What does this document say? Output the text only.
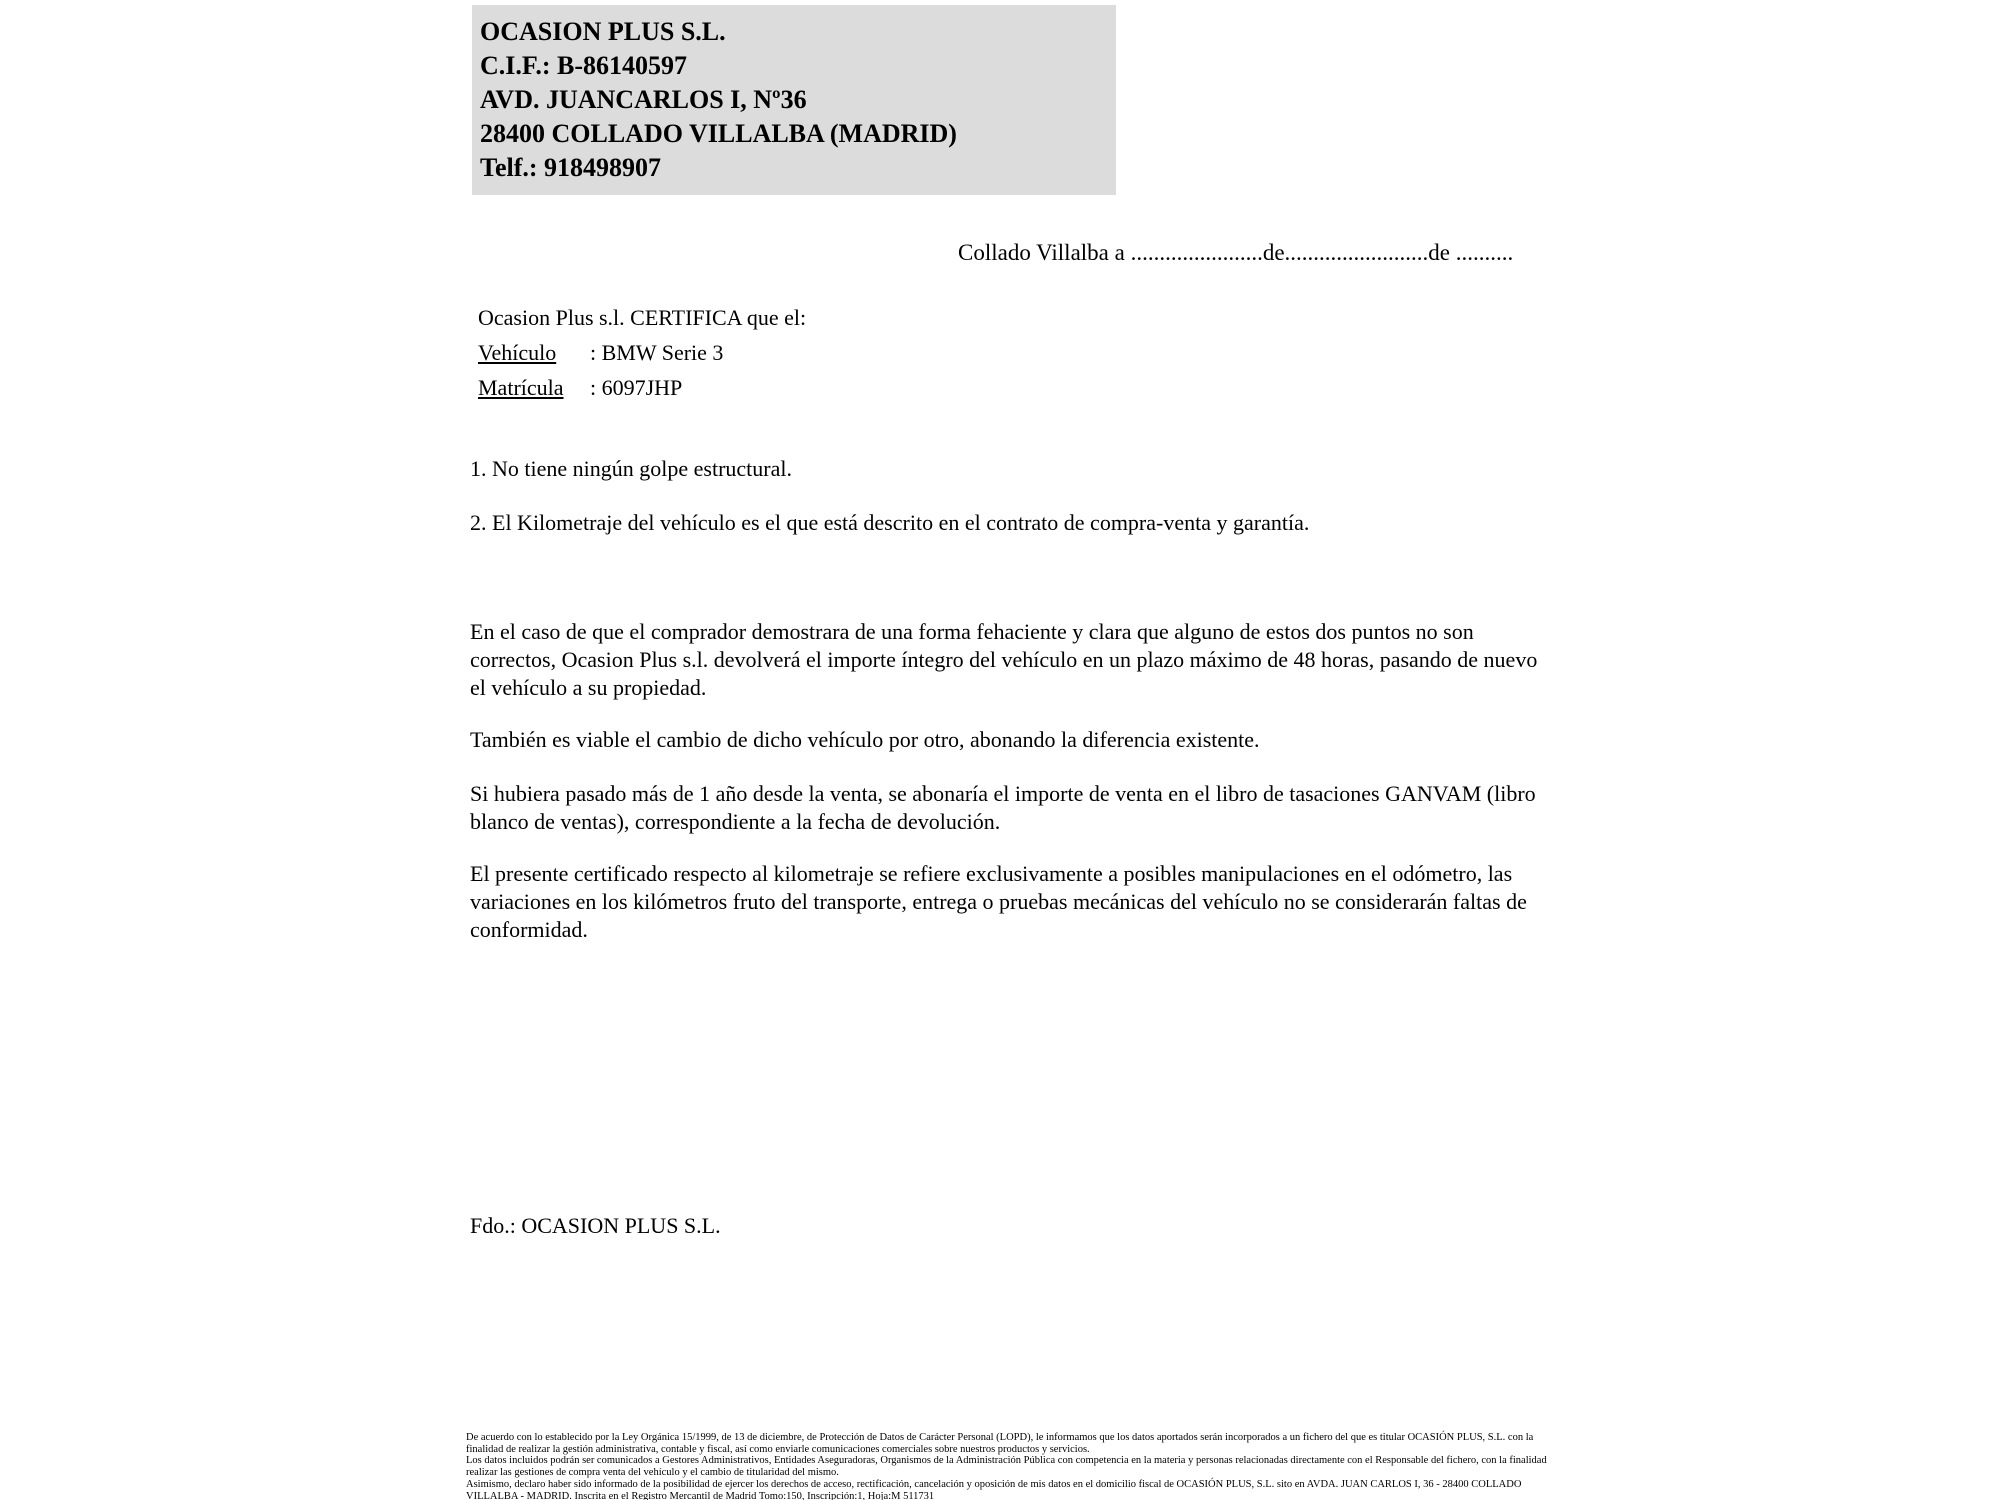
OCASION PLUS S.L.
C.I.F.: B-86140597
AVD. JUANCARLOS I, Nº36
28400 COLLADO VILLALBA (MADRID)
Telf.: 918498907
Collado Villalba a .......................de.........................de ..........
Ocasion Plus s.l. CERTIFICA que el:
Vehículo : BMW Serie 3
Matrícula : 6097JHP
1. No tiene ningún golpe estructural.
2. El Kilometraje del vehículo es el que está descrito en el contrato de compra-venta y garantía.

En el caso de que el comprador demostrara de una forma fehaciente y clara que alguno de estos dos puntos no son correctos, Ocasion Plus s.l. devolverá el importe íntegro del vehículo en un plazo máximo de 48 horas, pasando de nuevo el vehículo a su propiedad.

También es viable el cambio de dicho vehículo por otro, abonando la diferencia existente.

Si hubiera pasado más de 1 año desde la venta, se abonaría el importe de venta en el libro de tasaciones GANVAM (libro blanco de ventas), correspondiente a la fecha de devolución.

El presente certificado respecto al kilometraje se refiere exclusivamente a posibles manipulaciones en el odómetro, las variaciones en los kilómetros fruto del transporte, entrega o pruebas mecánicas del vehículo no se considerarán faltas de conformidad.

Fdo.: OCASION PLUS S.L.

De acuerdo con lo establecido por la Ley Orgánica 15/1999, de 13 de diciembre, de Protección de Datos de Carácter Personal (LOPD), le informamos que los datos aportados serán incorporados a un fichero del que es titular OCASIÓN PLUS, S.L. con la finalidad de realizar la gestión administrativa, contable y fiscal, así como enviarle comunicaciones comerciales sobre nuestros productos y servicios.

Los datos incluidos podrán ser comunicados a Gestores Administrativos, Entidades Aseguradoras, Organismos de la Administración Pública con competencia en la materia y personas relacionadas directamente con el Responsable del fichero, con la finalidad realizar las gestiones de compra venta del vehículo y el cambio de titularidad del mismo.

Asimismo, declaro haber sido informado de la posibilidad de ejercer los derechos de acceso, rectificación, cancelación y oposición de mis datos en el domicilio fiscal de OCASIÓN PLUS, S.L. sito en AVDA. JUAN CARLOS I, 36 - 28400 COLLADO VILLALBA - MADRID. Inscrita en el Registro Mercantil de Madrid Tomo:150, Inscripción:1, Hoja:M 511731
